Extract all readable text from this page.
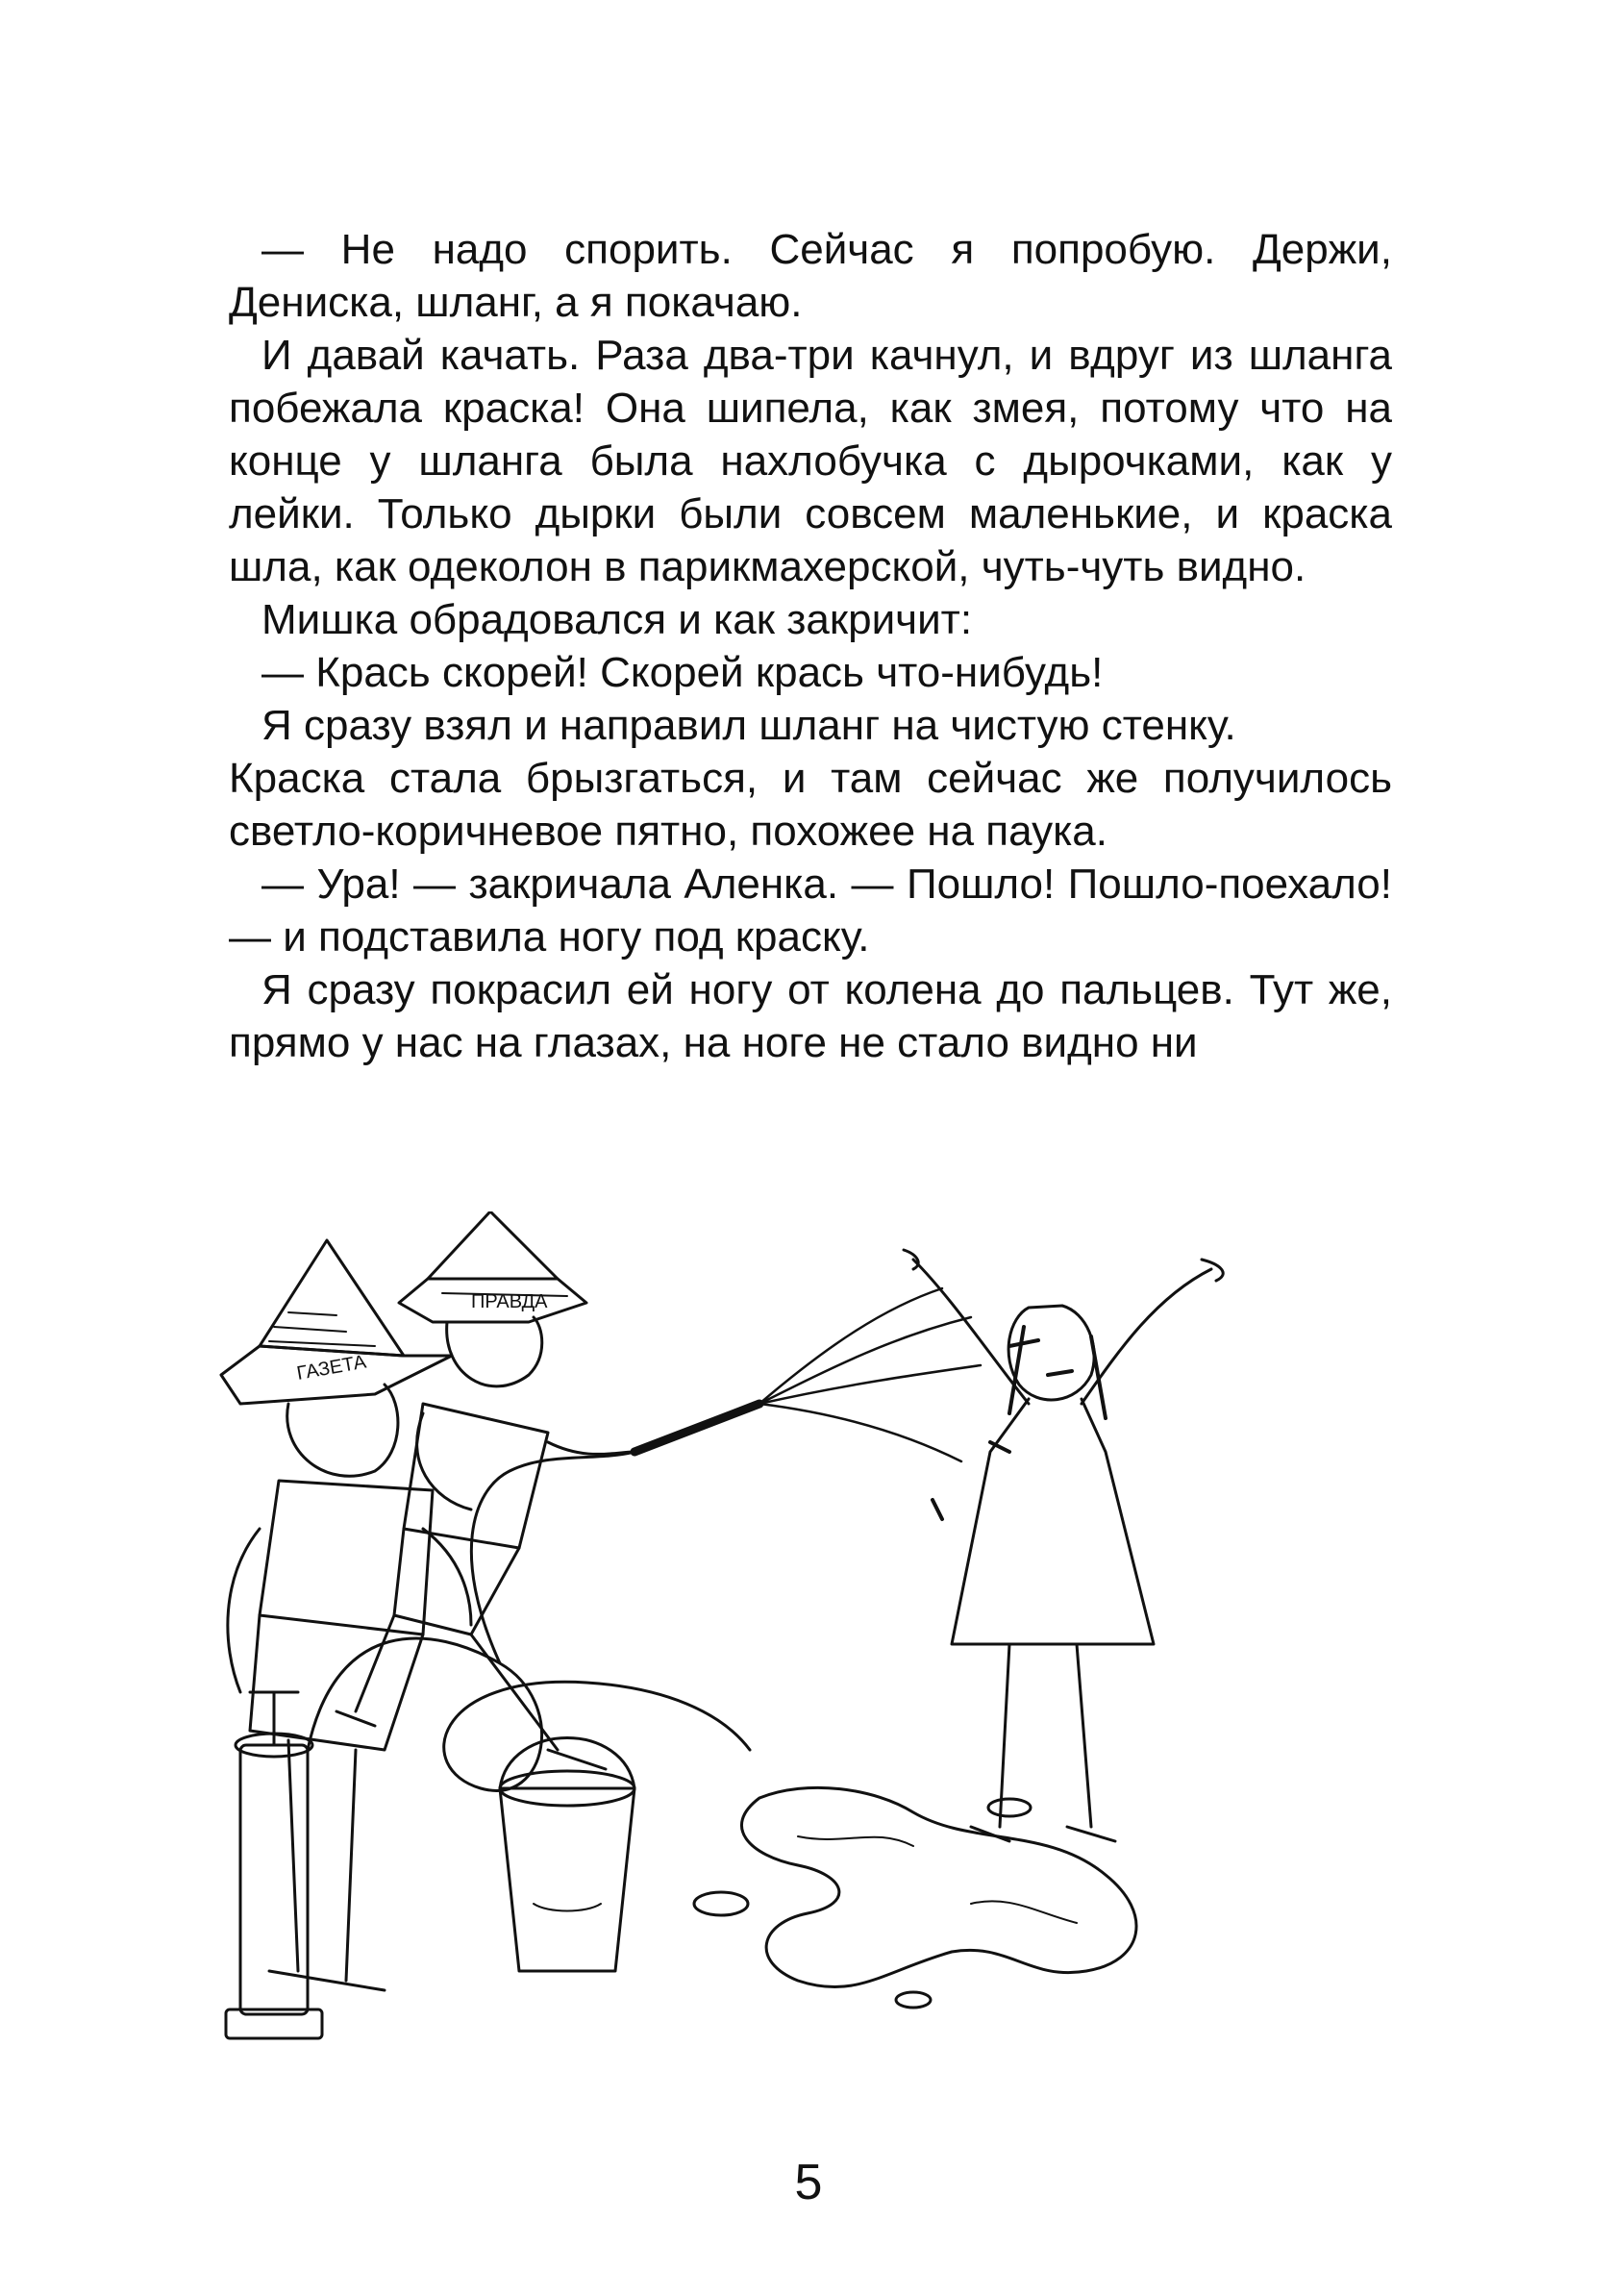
— Не надо спорить. Сейчас я попробую. Держи, Дениска, шланг, а я покачаю.

И давай качать. Раза два-три качнул, и вдруг из шланга побежала краска! Она шипела, как змея, потому что на конце у шланга была нахлобучка с дырочками, как у лейки. Только дырки были совсем маленькие, и краска шла, как одеколон в парикмахерской, чуть-чуть видно.

Мишка обрадовался и как закричит:

— Крась скорей! Скорей крась что-нибудь!

Я сразу взял и направил шланг на чистую стенку.

Краска стала брызгаться, и там сейчас же получилось светло-коричневое пятно, похожее на паука.

— Ура! — закричала Аленка. — Пошло! Пошло-поехало! — и подставила ногу под краску.

Я сразу покрасил ей ногу от колена до пальцев. Тут же, прямо у нас на глазах, на ноге не стало видно ни

ГАЗЕТА
ПРАВДА
5
